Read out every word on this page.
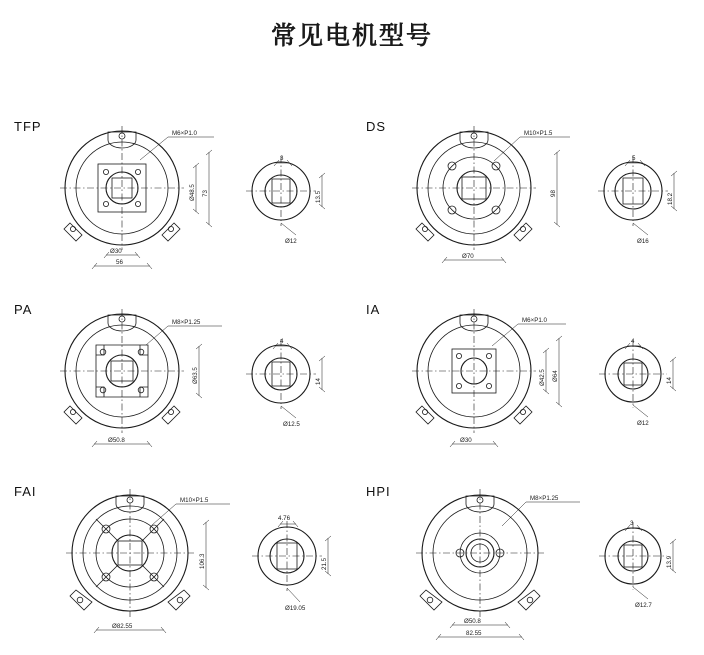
常见电机型号
TFP	M6×P1.0
Ø48.5 73
Ø30
56
3
13.5
Ø12
DS	M10×P1.5
98
Ø70
5
18.2
Ø16
PA
M8×P1.25
Ø63.5
Ø50.8
4
14
Ø12.5
IA
M6×P1.0
Ø42.5 Ø64
Ø30
4
14
Ø12
FAI
M10×P1.5
106.3
Ø82.55
4.76
21.5
Ø19.05
HPI	M8×P1.25
Ø50.8
82.55
3
13.9
Ø12.7
